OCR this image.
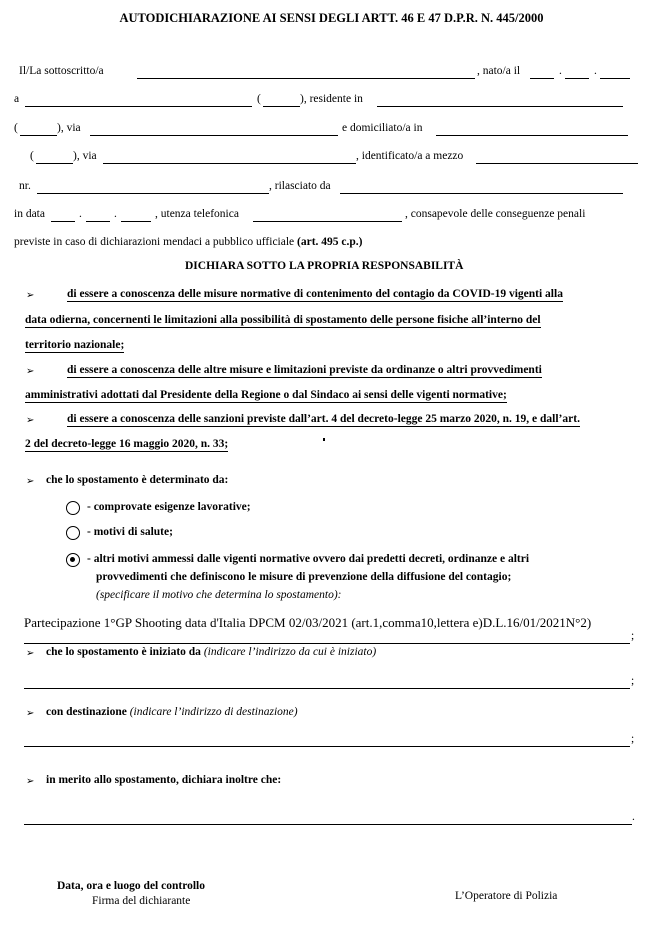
AUTODICHIARAZIONE AI SENSI DEGLI ARTT. 46 E 47 D.P.R. N. 445/2000
Il/La sottoscritto/a	, nato/a il	.	.
a	(	), residente in
(	), via	e domiciliato/a in
(	), via	, identificato/a a mezzo
nr.	, rilasciato da
in data	.	.	, utenza telefonica	, consapevole delle conseguenze penali
previste in caso di dichiarazioni mendaci a pubblico ufficiale (art. 495 c.p.)
DICHIARA SOTTO LA PROPRIA RESPONSABILITÀ
➢	di essere a conoscenza delle misure normative di contenimento del contagio da COVID-19 vigenti alla
data odierna, concernenti le limitazioni alla possibilità di spostamento delle persone fisiche all’interno del
territorio nazionale;
➢	di essere a conoscenza delle altre misure e limitazioni previste da ordinanze o altri provvedimenti
amministrativi adottati dal Presidente della Regione o dal Sindaco ai sensi delle vigenti normative;
➢	di essere a conoscenza delle sanzioni previste dall’art. 4 del decreto-legge 25 marzo 2020, n. 19, e dall’art.
2 del decreto-legge 16 maggio 2020, n. 33;
➢ che lo spostamento è determinato da:
- comprovate esigenze lavorative;
- motivi di salute;
- altri motivi ammessi dalle vigenti normative ovvero dai predetti decreti, ordinanze e altri
provvedimenti che definiscono le misure di prevenzione della diffusione del contagio;
(specificare il motivo che determina lo spostamento):
Partecipazione 1°GP Shooting data d'Italia DPCM 02/03/2021 (art.1,comma10,lettera e)D.L.16/01/2021N°2)
;
➢ che lo spostamento è iniziato da (indicare l’indirizzo da cui è iniziato)
;
➢ con destinazione (indicare l’indirizzo di destinazione)
;
➢ in merito allo spostamento, dichiara inoltre che:
.
Data, ora e luogo del controllo
Firma del dichiarante	L’Operatore di Polizia
